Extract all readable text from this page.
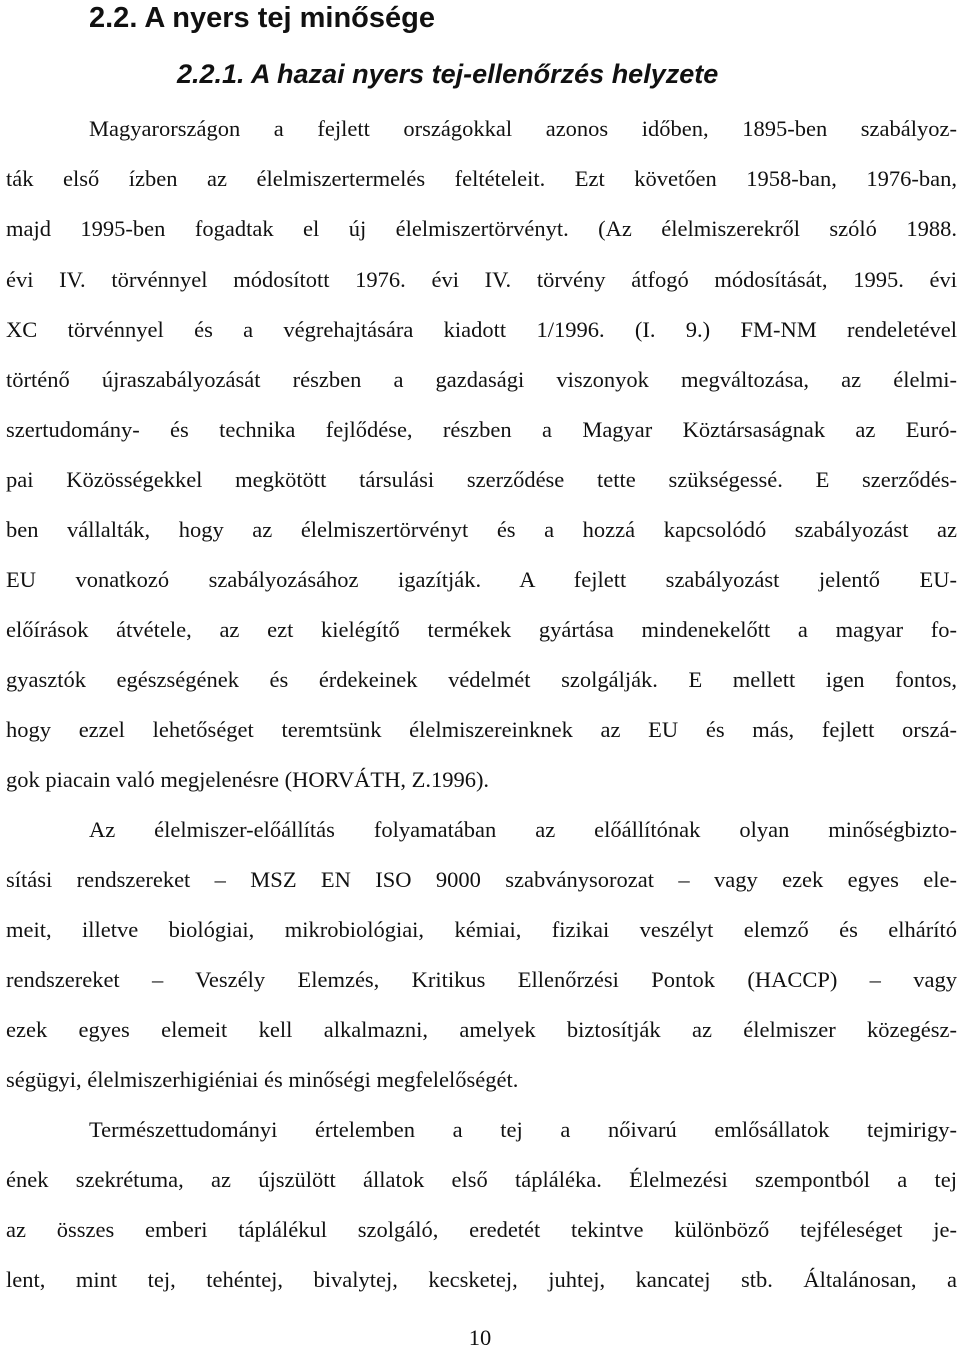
2.2. A nyers tej minősége
2.2.1. A hazai nyers tej-ellenőrzés helyzete

Magyarországon a fejlett országokkal azonos időben, 1895-ben szabályoz-

ták első ízben az élelmiszertermelés feltételeit. Ezt követően 1958-ban, 1976-ban,

majd 1995-ben fogadtak el új élelmiszertörvényt. (Az élelmiszerekről szóló 1988.

évi IV. törvénnyel módosított 1976. évi IV. törvény átfogó módosítását, 1995. évi

XC törvénnyel és a végrehajtására kiadott 1/1996. (I. 9.) FM-NM rendeletével

történő újraszabályozását részben a gazdasági viszonyok megváltozása, az élelmi-

szertudomány- és technika fejlődése, részben a Magyar Köztársaságnak az Euró-

pai Közösségekkel megkötött társulási szerződése tette szükségessé. E szerződés-

ben vállalták, hogy az élelmiszertörvényt és a hozzá kapcsolódó szabályozást az

EU vonatkozó szabályozásához igazítják. A fejlett szabályozást jelentő EU-

előírások átvétele, az ezt kielégítő termékek gyártása mindenekelőtt a magyar fo-

gyasztók egészségének és érdekeinek védelmét szolgálják. E mellett igen fontos,

hogy ezzel lehetőséget teremtsünk élelmiszereinknek az EU és más, fejlett orszá-

gok piacain való megjelenésre (HORVÁTH, Z.1996).

Az élelmiszer-előállítás folyamatában az előállítónak olyan minőségbizto-

sítási rendszereket – MSZ EN ISO 9000 szabványsorozat – vagy ezek egyes ele-

meit, illetve biológiai, mikrobiológiai, kémiai, fizikai veszélyt elemző és elhárító

rendszereket – Veszély Elemzés, Kritikus Ellenőrzési Pontok (HACCP) – vagy

ezek egyes elemeit kell alkalmazni, amelyek biztosítják az élelmiszer közegész-

ségügyi, élelmiszerhigiéniai és minőségi megfelelőségét.

Természettudományi értelemben a tej a nőivarú emlősállatok tejmirigy-

ének szekrétuma, az újszülött állatok első tápláléka. Élelmezési szempontból a tej

az összes emberi táplálékul szolgáló, eredetét tekintve különböző tejféleséget je-

lent, mint tej, tehéntej, bivalytej, kecsketej, juhtej, kancatej stb. Általánosan, a

10
